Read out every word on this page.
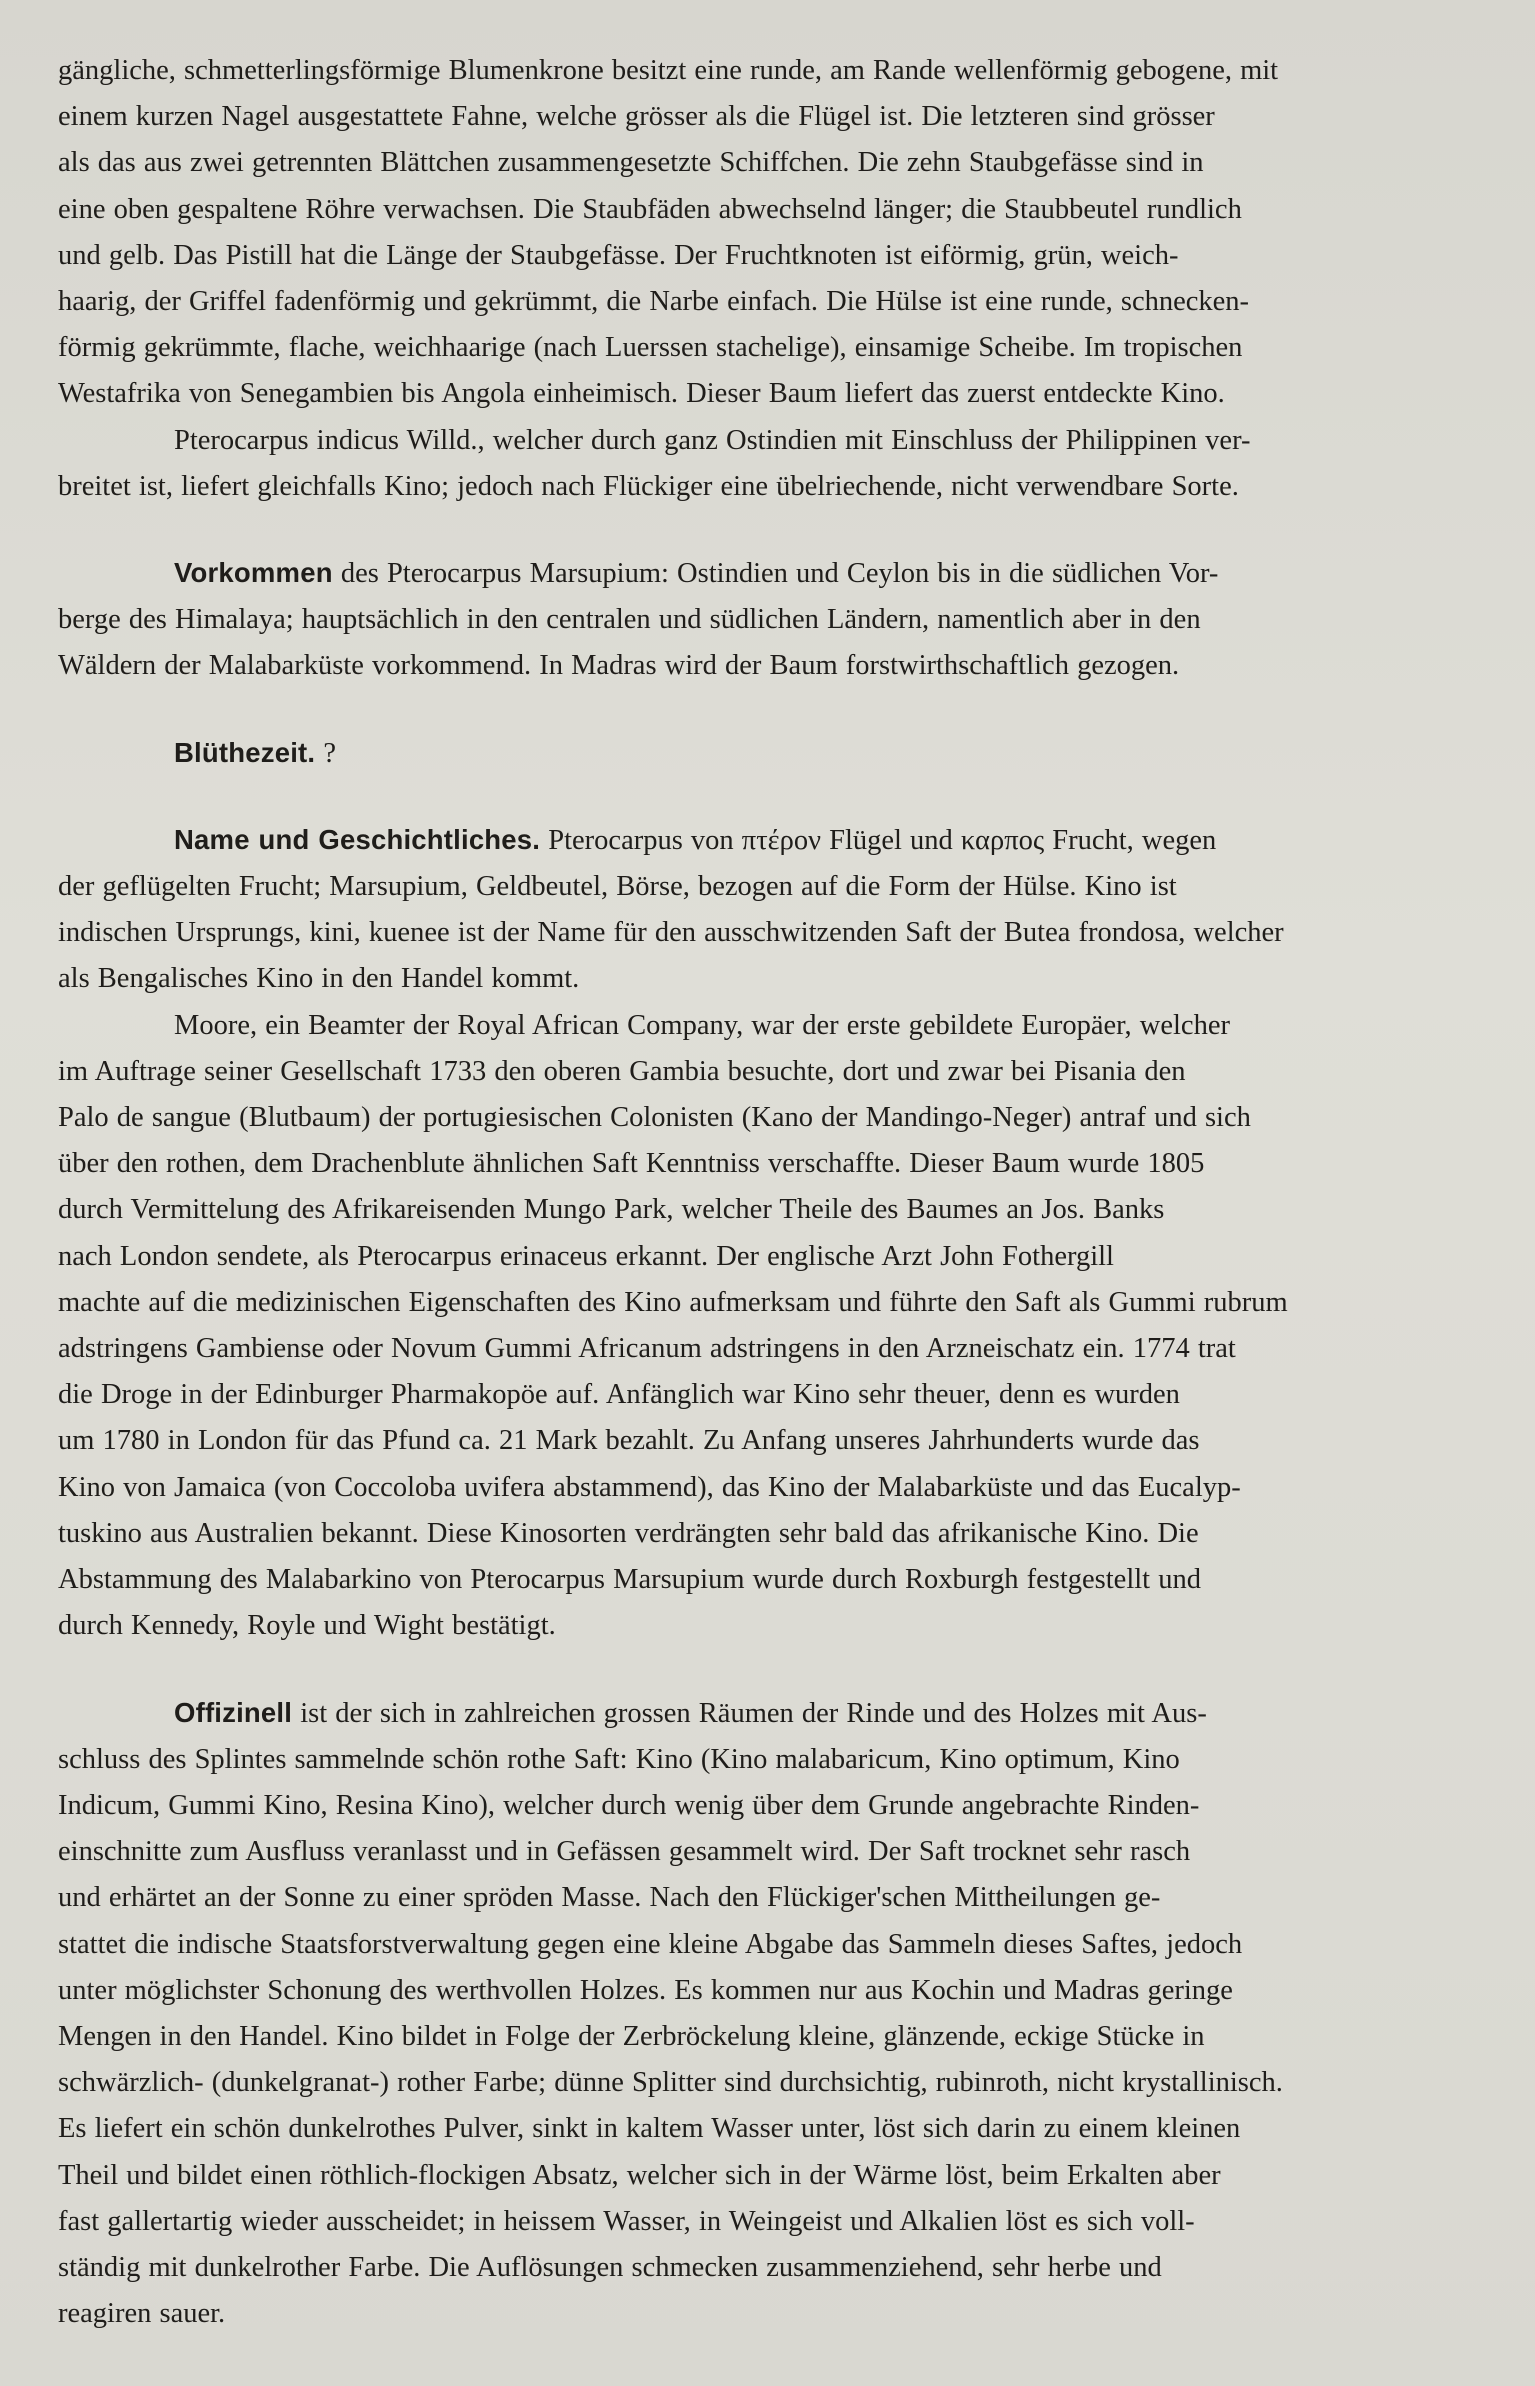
gängliche, schmetterlingsförmige Blumenkrone besitzt eine runde, am Rande wellenförmig gebogene, mit
einem kurzen Nagel ausgestattete Fahne, welche grösser als die Flügel ist. Die letzteren sind grösser
als das aus zwei getrennten Blättchen zusammengesetzte Schiffchen. Die zehn Staubgefässe sind in
eine oben gespaltene Röhre verwachsen. Die Staubfäden abwechselnd länger; die Staubbeutel rundlich
und gelb. Das Pistill hat die Länge der Staubgefässe. Der Fruchtknoten ist eiförmig, grün, weich-
haarig, der Griffel fadenförmig und gekrümmt, die Narbe einfach. Die Hülse ist eine runde, schnecken-
förmig gekrümmte, flache, weichhaarige (nach Luerssen stachelige), einsamige Scheibe. Im tropischen
Westafrika von Senegambien bis Angola einheimisch. Dieser Baum liefert das zuerst entdeckte Kino.

Pterocarpus indicus Willd., welcher durch ganz Ostindien mit Einschluss der Philippinen ver-
breitet ist, liefert gleichfalls Kino; jedoch nach Flückiger eine übelriechende, nicht verwendbare Sorte.

Vorkommen des Pterocarpus Marsupium: Ostindien und Ceylon bis in die südlichen Vor-
berge des Himalaya; hauptsächlich in den centralen und südlichen Ländern, namentlich aber in den
Wäldern der Malabarküste vorkommend. In Madras wird der Baum forstwirthschaftlich gezogen.

Blüthezeit. ?

Name und Geschichtliches. Pterocarpus von πτέρον Flügel und καρπος Frucht, wegen
der geflügelten Frucht; Marsupium, Geldbeutel, Börse, bezogen auf die Form der Hülse. Kino ist
indischen Ursprungs, kini, kuenee ist der Name für den ausschwitzenden Saft der Butea frondosa, welcher
als Bengalisches Kino in den Handel kommt.

Moore, ein Beamter der Royal African Company, war der erste gebildete Europäer, welcher
im Auftrage seiner Gesellschaft 1733 den oberen Gambia besuchte, dort und zwar bei Pisania den
Palo de sangue (Blutbaum) der portugiesischen Colonisten (Kano der Mandingo-Neger) antraf und sich
über den rothen, dem Drachenblute ähnlichen Saft Kenntniss verschaffte. Dieser Baum wurde 1805
durch Vermittelung des Afrikareisenden Mungo Park, welcher Theile des Baumes an Jos. Banks
nach London sendete, als Pterocarpus erinaceus erkannt. Der englische Arzt John Fothergill
machte auf die medizinischen Eigenschaften des Kino aufmerksam und führte den Saft als Gummi rubrum
adstringens Gambiense oder Novum Gummi Africanum adstringens in den Arzneischatz ein. 1774 trat
die Droge in der Edinburger Pharmakopöe auf. Anfänglich war Kino sehr theuer, denn es wurden
um 1780 in London für das Pfund ca. 21 Mark bezahlt. Zu Anfang unseres Jahrhunderts wurde das
Kino von Jamaica (von Coccoloba uvifera abstammend), das Kino der Malabarküste und das Eucalyp-
tuskino aus Australien bekannt. Diese Kinosorten verdrängten sehr bald das afrikanische Kino. Die
Abstammung des Malabarkino von Pterocarpus Marsupium wurde durch Roxburgh festgestellt und
durch Kennedy, Royle und Wight bestätigt.

Offizinell ist der sich in zahlreichen grossen Räumen der Rinde und des Holzes mit Aus-
schluss des Splintes sammelnde schön rothe Saft: Kino (Kino malabaricum, Kino optimum, Kino
Indicum, Gummi Kino, Resina Kino), welcher durch wenig über dem Grunde angebrachte Rinden-
einschnitte zum Ausfluss veranlasst und in Gefässen gesammelt wird. Der Saft trocknet sehr rasch
und erhärtet an der Sonne zu einer spröden Masse. Nach den Flückiger'schen Mittheilungen ge-
stattet die indische Staatsforstverwaltung gegen eine kleine Abgabe das Sammeln dieses Saftes, jedoch
unter möglichster Schonung des werthvollen Holzes. Es kommen nur aus Kochin und Madras geringe
Mengen in den Handel. Kino bildet in Folge der Zerbröckelung kleine, glänzende, eckige Stücke in
schwärzlich- (dunkelgranat-) rother Farbe; dünne Splitter sind durchsichtig, rubinroth, nicht krystallinisch.
Es liefert ein schön dunkelrothes Pulver, sinkt in kaltem Wasser unter, löst sich darin zu einem kleinen
Theil und bildet einen röthlich-flockigen Absatz, welcher sich in der Wärme löst, beim Erkalten aber
fast gallertartig wieder ausscheidet; in heissem Wasser, in Weingeist und Alkalien löst es sich voll-
ständig mit dunkelrother Farbe. Die Auflösungen schmecken zusammenziehend, sehr herbe und
reagiren sauer.
